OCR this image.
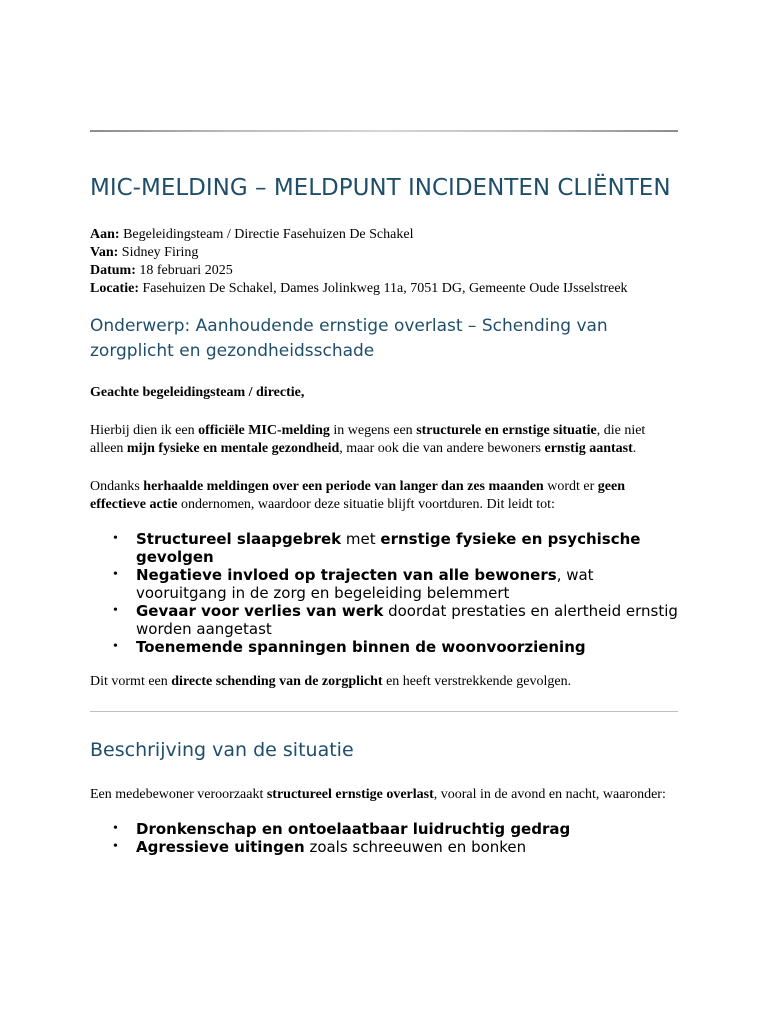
MIC-MELDING – MELDPUNT INCIDENTEN CLIËNTEN
Aan: Begeleidingsteam / Directie Fasehuizen De Schakel
Van: Sidney Firing
Datum: 18 februari 2025
Locatie: Fasehuizen De Schakel, Dames Jolinkweg 11a, 7051 DG, Gemeente Oude IJsselstreek
Onderwerp: Aanhoudende ernstige overlast – Schending van zorgplicht en gezondheidsschade

Geachte begeleidingsteam / directie,

Hierbij dien ik een officiële MIC-melding in wegens een structurele en ernstige situatie, die niet alleen mijn fysieke en mentale gezondheid, maar ook die van andere bewoners ernstig aantast.

Ondanks herhaalde meldingen over een periode van langer dan zes maanden wordt er geen effectieve actie ondernomen, waardoor deze situatie blijft voortduren. Dit leidt tot:

• Structureel slaapgebrek met ernstige fysieke en psychische gevolgen
• Negatieve invloed op trajecten van alle bewoners, wat vooruitgang in de zorg en begeleiding belemmert
• Gevaar voor verlies van werk doordat prestaties en alertheid ernstig worden aangetast
• Toenemende spanningen binnen de woonvoorziening

Dit vormt een directe schending van de zorgplicht en heeft verstrekkende gevolgen.

Beschrijving van de situatie

Een medebewoner veroorzaakt structureel ernstige overlast, vooral in de avond en nacht, waaronder:

• Dronkenschap en ontoelaatbaar luidruchtig gedrag
• Agressieve uitingen zoals schreeuwen en bonken
